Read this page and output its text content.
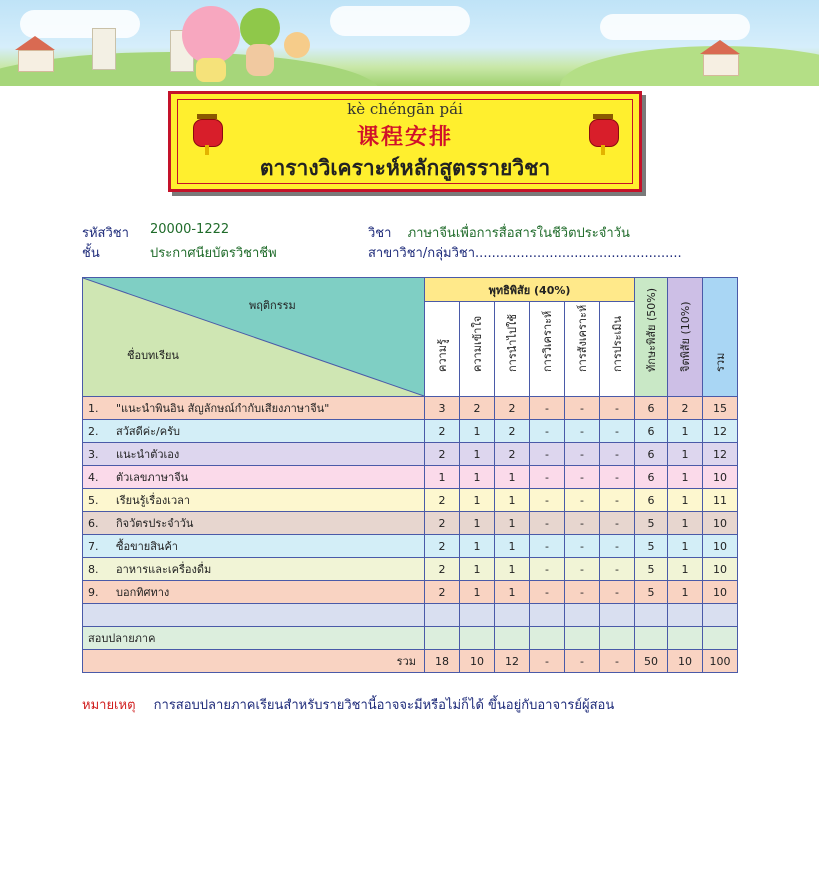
kè chéngān pái
课程安排
ตารางวิเคราะห์หลักสูตรรายวิชา
รหัสวิชา 20000-1222	วิชา ภาษาจีนเพื่อการสื่อสารในชีวิตประจำวัน
ชั้น	ประกาศนียบัตรวิชาชีพ	สาขาวิชา/กลุ่มวิชา..................................................
พฤติกรรม
ชื่อบทเรียน	พุทธิพิสัย (40%)						ทักษะพิสัย (50%)	จิตพิสัย (10%)	รวม

	ความรู้	ความเข้าใจ	การนำไปใช้	การวิเคราะห์	การสังเคราะห์	การประเมิน			

1. "แนะนำพินอิน สัญลักษณ์กำกับเสียงภาษาจีน"	3	2	2	-	-	-	6	2	15
2. สวัสดีค่ะ/ครับ	2	1	2	-	-	-	6	1	12
3. แนะนำตัวเอง	2	1	2	-	-	-	6	1	12
4. ตัวเลขภาษาจีน	1	1	1	-	-	-	6	1	10
5. เรียนรู้เรื่องเวลา	2	1	1	-	-	-	6	1	11
6. กิจวัตรประจำวัน	2	1	1	-	-	-	5	1	10
7. ซื้อขายสินค้า	2	1	1	-	-	-	5	1	10
8. อาหารและเครื่องดื่ม	2	1	1	-	-	-	5	1	10
9. บอกทิศทาง	2	1	1	-	-	-	5	1	10

สอบปลายภาค									
รวม	18	10	12	-	-	-	50	10	100
หมายเหตุ การสอบปลายภาคเรียนสำหรับรายวิชานี้อาจจะมีหรือไม่ก็ได้ ขึ้นอยู่กับอาจารย์ผู้สอน
